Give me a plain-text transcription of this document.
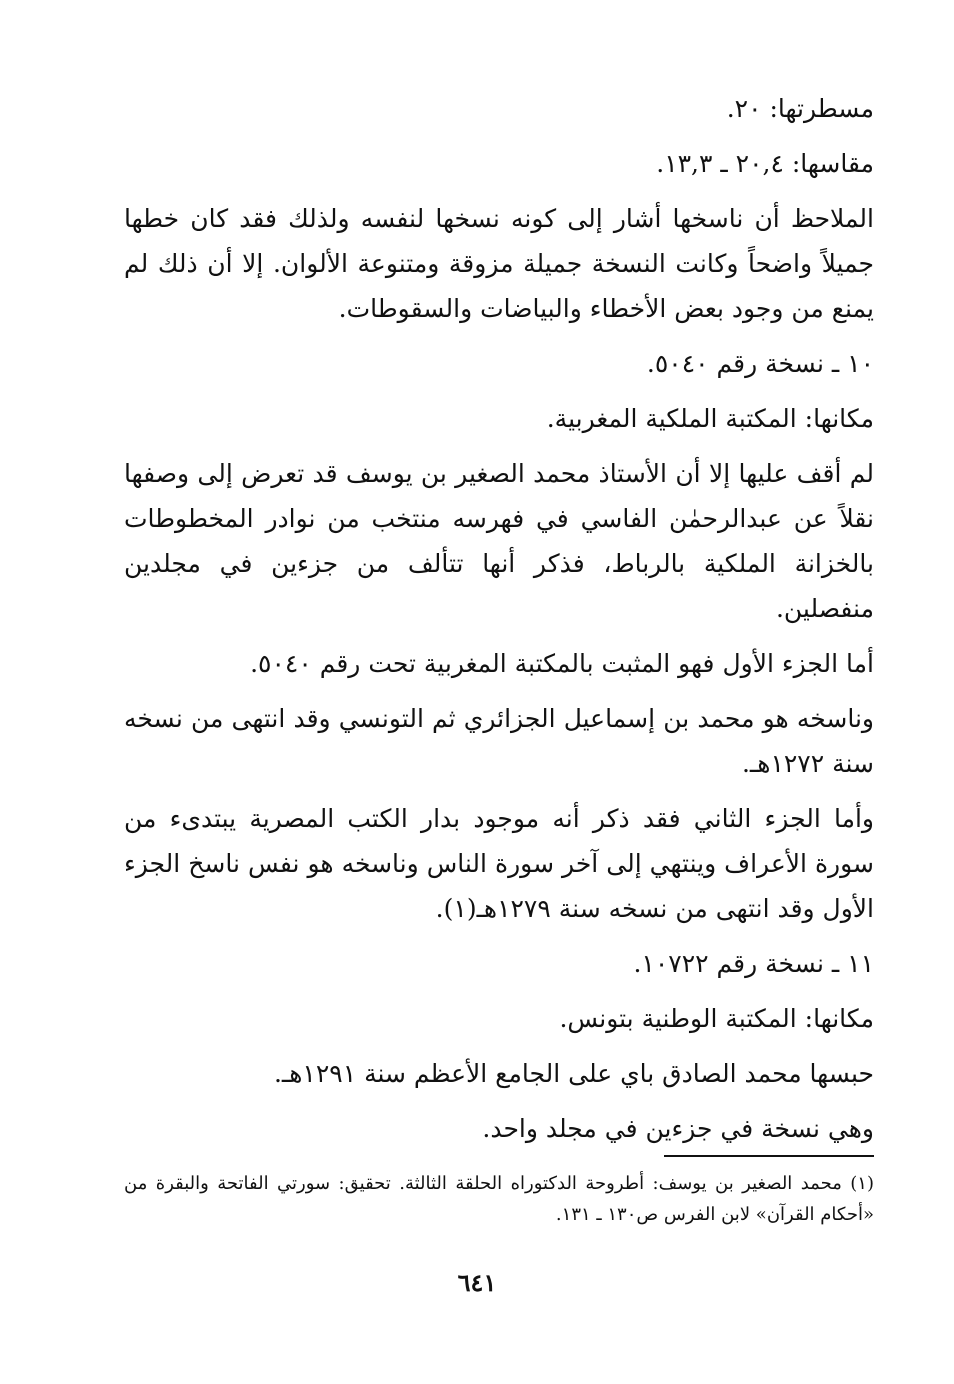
مسطرتها: ٢٠.

مقاسها: ٢٠,٤ ـ ١٣,٣.

الملاحظ أن ناسخها أشار إلى كونه نسخها لنفسه ولذلك فقد كان خطها جميلاً واضحاً وكانت النسخة جميلة مزوقة ومتنوعة الألوان. إلا أن ذلك لم يمنع من وجود بعض الأخطاء والبياضات والسقوطات.

١٠ ـ نسخة رقم ٥٠٤٠.

مكانها: المكتبة الملكية المغربية.

لم أقف عليها إلا أن الأستاذ محمد الصغير بن يوسف قد تعرض إلى وصفها نقلاً عن عبدالرحمٰن الفاسي في فهرسه منتخب من نوادر المخطوطات بالخزانة الملكية بالرباط، فذكر أنها تتألف من جزءين في مجلدين منفصلين.

أما الجزء الأول فهو المثبت بالمكتبة المغربية تحت رقم ٥٠٤٠.

وناسخه هو محمد بن إسماعيل الجزائري ثم التونسي وقد انتهى من نسخه سنة ١٢٧٢هـ.

وأما الجزء الثاني فقد ذكر أنه موجود بدار الكتب المصرية يبتدىء من سورة الأعراف وينتهي إلى آخر سورة الناس وناسخه هو نفس ناسخ الجزء الأول وقد انتهى من نسخه سنة ١٢٧٩هـ(١).

١١ ـ نسخة رقم ١٠٧٢٢.

مكانها: المكتبة الوطنية بتونس.

حبسها محمد الصادق باي على الجامع الأعظم سنة ١٢٩١هـ.

وهي نسخة في جزءين في مجلد واحد.

(١) محمد الصغير بن يوسف: أطروحة الدكتوراه الحلقة الثالثة. تحقيق: سورتي الفاتحة والبقرة من «أحكام القرآن» لابن الفرس ص١٣٠ ـ ١٣١.
٦٤١
